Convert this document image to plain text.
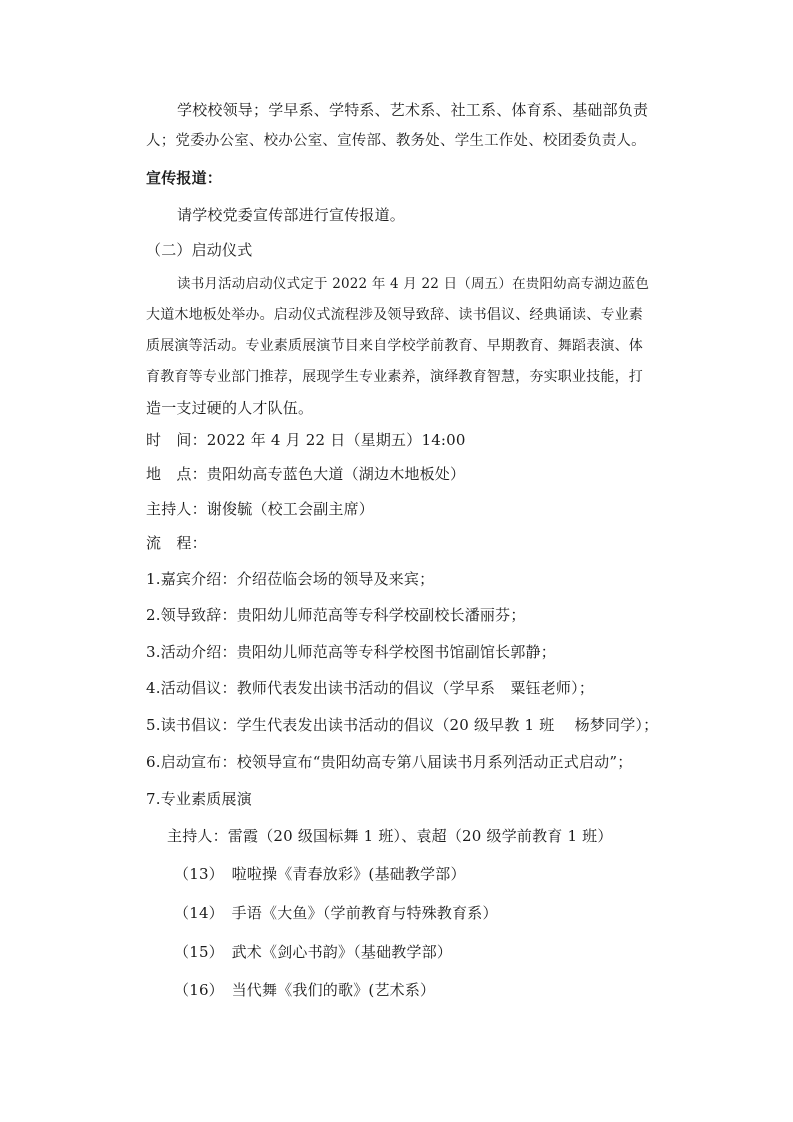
学校校领导；学早系、学特系、艺术系、社工系、体育系、基础部负责
人；党委办公室、校办公室、宣传部、教务处、学生工作处、校团委负责人。
宣传报道：
请学校党委宣传部进行宣传报道。
（二）启动仪式
读书月活动启动仪式定于 2022 年 4 月 22 日（周五）在贵阳幼高专湖边蓝色
大道木地板处举办。启动仪式流程涉及领导致辞、读书倡议、经典诵读、专业素
质展演等活动。专业素质展演节目来自学校学前教育、早期教育、舞蹈表演、体
育教育等专业部门推荐，展现学生专业素养，演绎教育智慧，夯实职业技能，打
造一支过硬的人才队伍。
时　间：2022 年 4 月 22 日（星期五）14:00
地　点：贵阳幼高专蓝色大道（湖边木地板处）
主持人：谢俊毓（校工会副主席）
流　程：
1.嘉宾介绍：介绍莅临会场的领导及来宾；
2.领导致辞：贵阳幼儿师范高等专科学校副校长潘丽芬；
3.活动介绍：贵阳幼儿师范高等专科学校图书馆副馆长郭静；
4.活动倡议：教师代表发出读书活动的倡议（学早系　粟钰老师）；
5.读书倡议：学生代表发出读书活动的倡议（20 级早教 1 班　 杨梦同学）；
6.启动宣布：校领导宣布“贵阳幼高专第八届读书月系列活动正式启动”；
7.专业素质展演
主持人：雷霞（20 级国标舞 1 班）、袁超（20 级学前教育 1 班）
（13）　啦啦操《青春放彩》(基础教学部）
（14）　手语《大鱼》（学前教育与特殊教育系）
（15）　武术《剑心书韵》（基础教学部）
（16）　当代舞《我们的歌》(艺术系）
